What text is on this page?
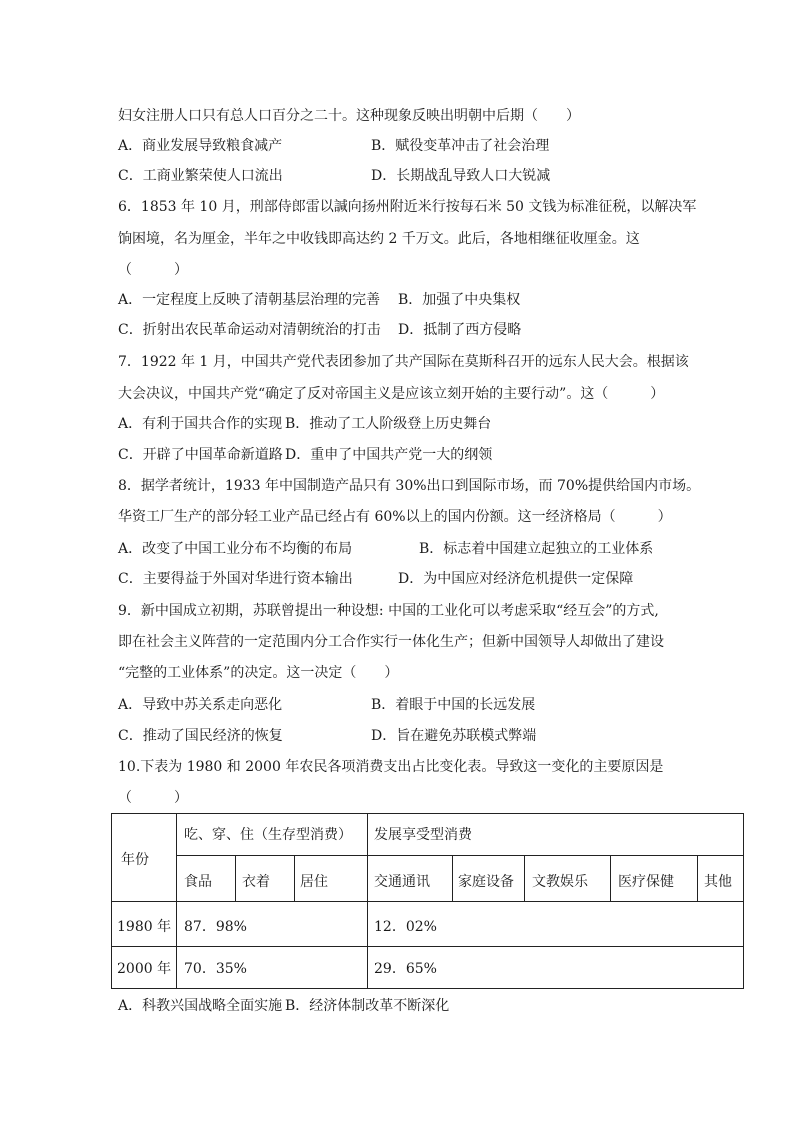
妇女注册人口只有总人口百分之二十。这种现象反映出明朝中后期（　　）
A．商业发展导致粮食减产	B．赋役变革冲击了社会治理
C．工商业繁荣使人口流出	D．长期战乱导致人口大锐减
6．1853 年 10 月，刑部侍郎雷以諴向扬州附近米行按每石米 50 文钱为标准征税，以解决军
饷困境，名为厘金，半年之中收钱即高达约 2 千万文。此后，各地相继征收厘金。这
（　　　）
A．一定程度上反映了清朝基层治理的完善 B．加强了中央集权
C．折射出农民革命运动对清朝统治的打击 D．抵制了西方侵略
7．1922 年 1 月，中国共产党代表团参加了共产国际在莫斯科召开的远东人民大会。根据该
大会决议，中国共产党“确定了反对帝国主义是应该立刻开始的主要行动”。这（　　　）
A．有利于国共合作的实现 B．推动了工人阶级登上历史舞台
C．开辟了中国革命新道路 D．重申了中国共产党一大的纲领
8．据学者统计，1933 年中国制造产品只有 30%出口到国际市场，而 70%提供给国内市场。
华资工厂生产的部分轻工业产品已经占有 60%以上的国内份额。这一经济格局（　　　）
A．改变了中国工业分布不均衡的布局	B．标志着中国建立起独立的工业体系
C．主要得益于外国对华进行资本输出	D．为中国应对经济危机提供一定保障
9．新中国成立初期，苏联曾提出一种设想: 中国的工业化可以考虑采取“经互会”的方式,
即在社会主义阵营的一定范围内分工合作实行一体化生产；但新中国领导人却做出了建设
“完整的工业体系”的决定。这一决定（　　）
A．导致中苏关系走向恶化	B．着眼于中国的长远发展
C．推动了国民经济的恢复	D．旨在避免苏联模式弊端
10.下表为 1980 和 2000 年农民各项消费支出占比变化表。导致这一变化的主要原因是
（　　　）
年份
吃、穿、住（生存型消费） 发展享受型消费
食品 衣着 居住	交通通讯 家庭设备 文教娱乐 医疗保健 其他
1980 年 87．98%	12．02%
2000 年 70．35%	29．65%
A．科教兴国战略全面实施 B．经济体制改革不断深化
